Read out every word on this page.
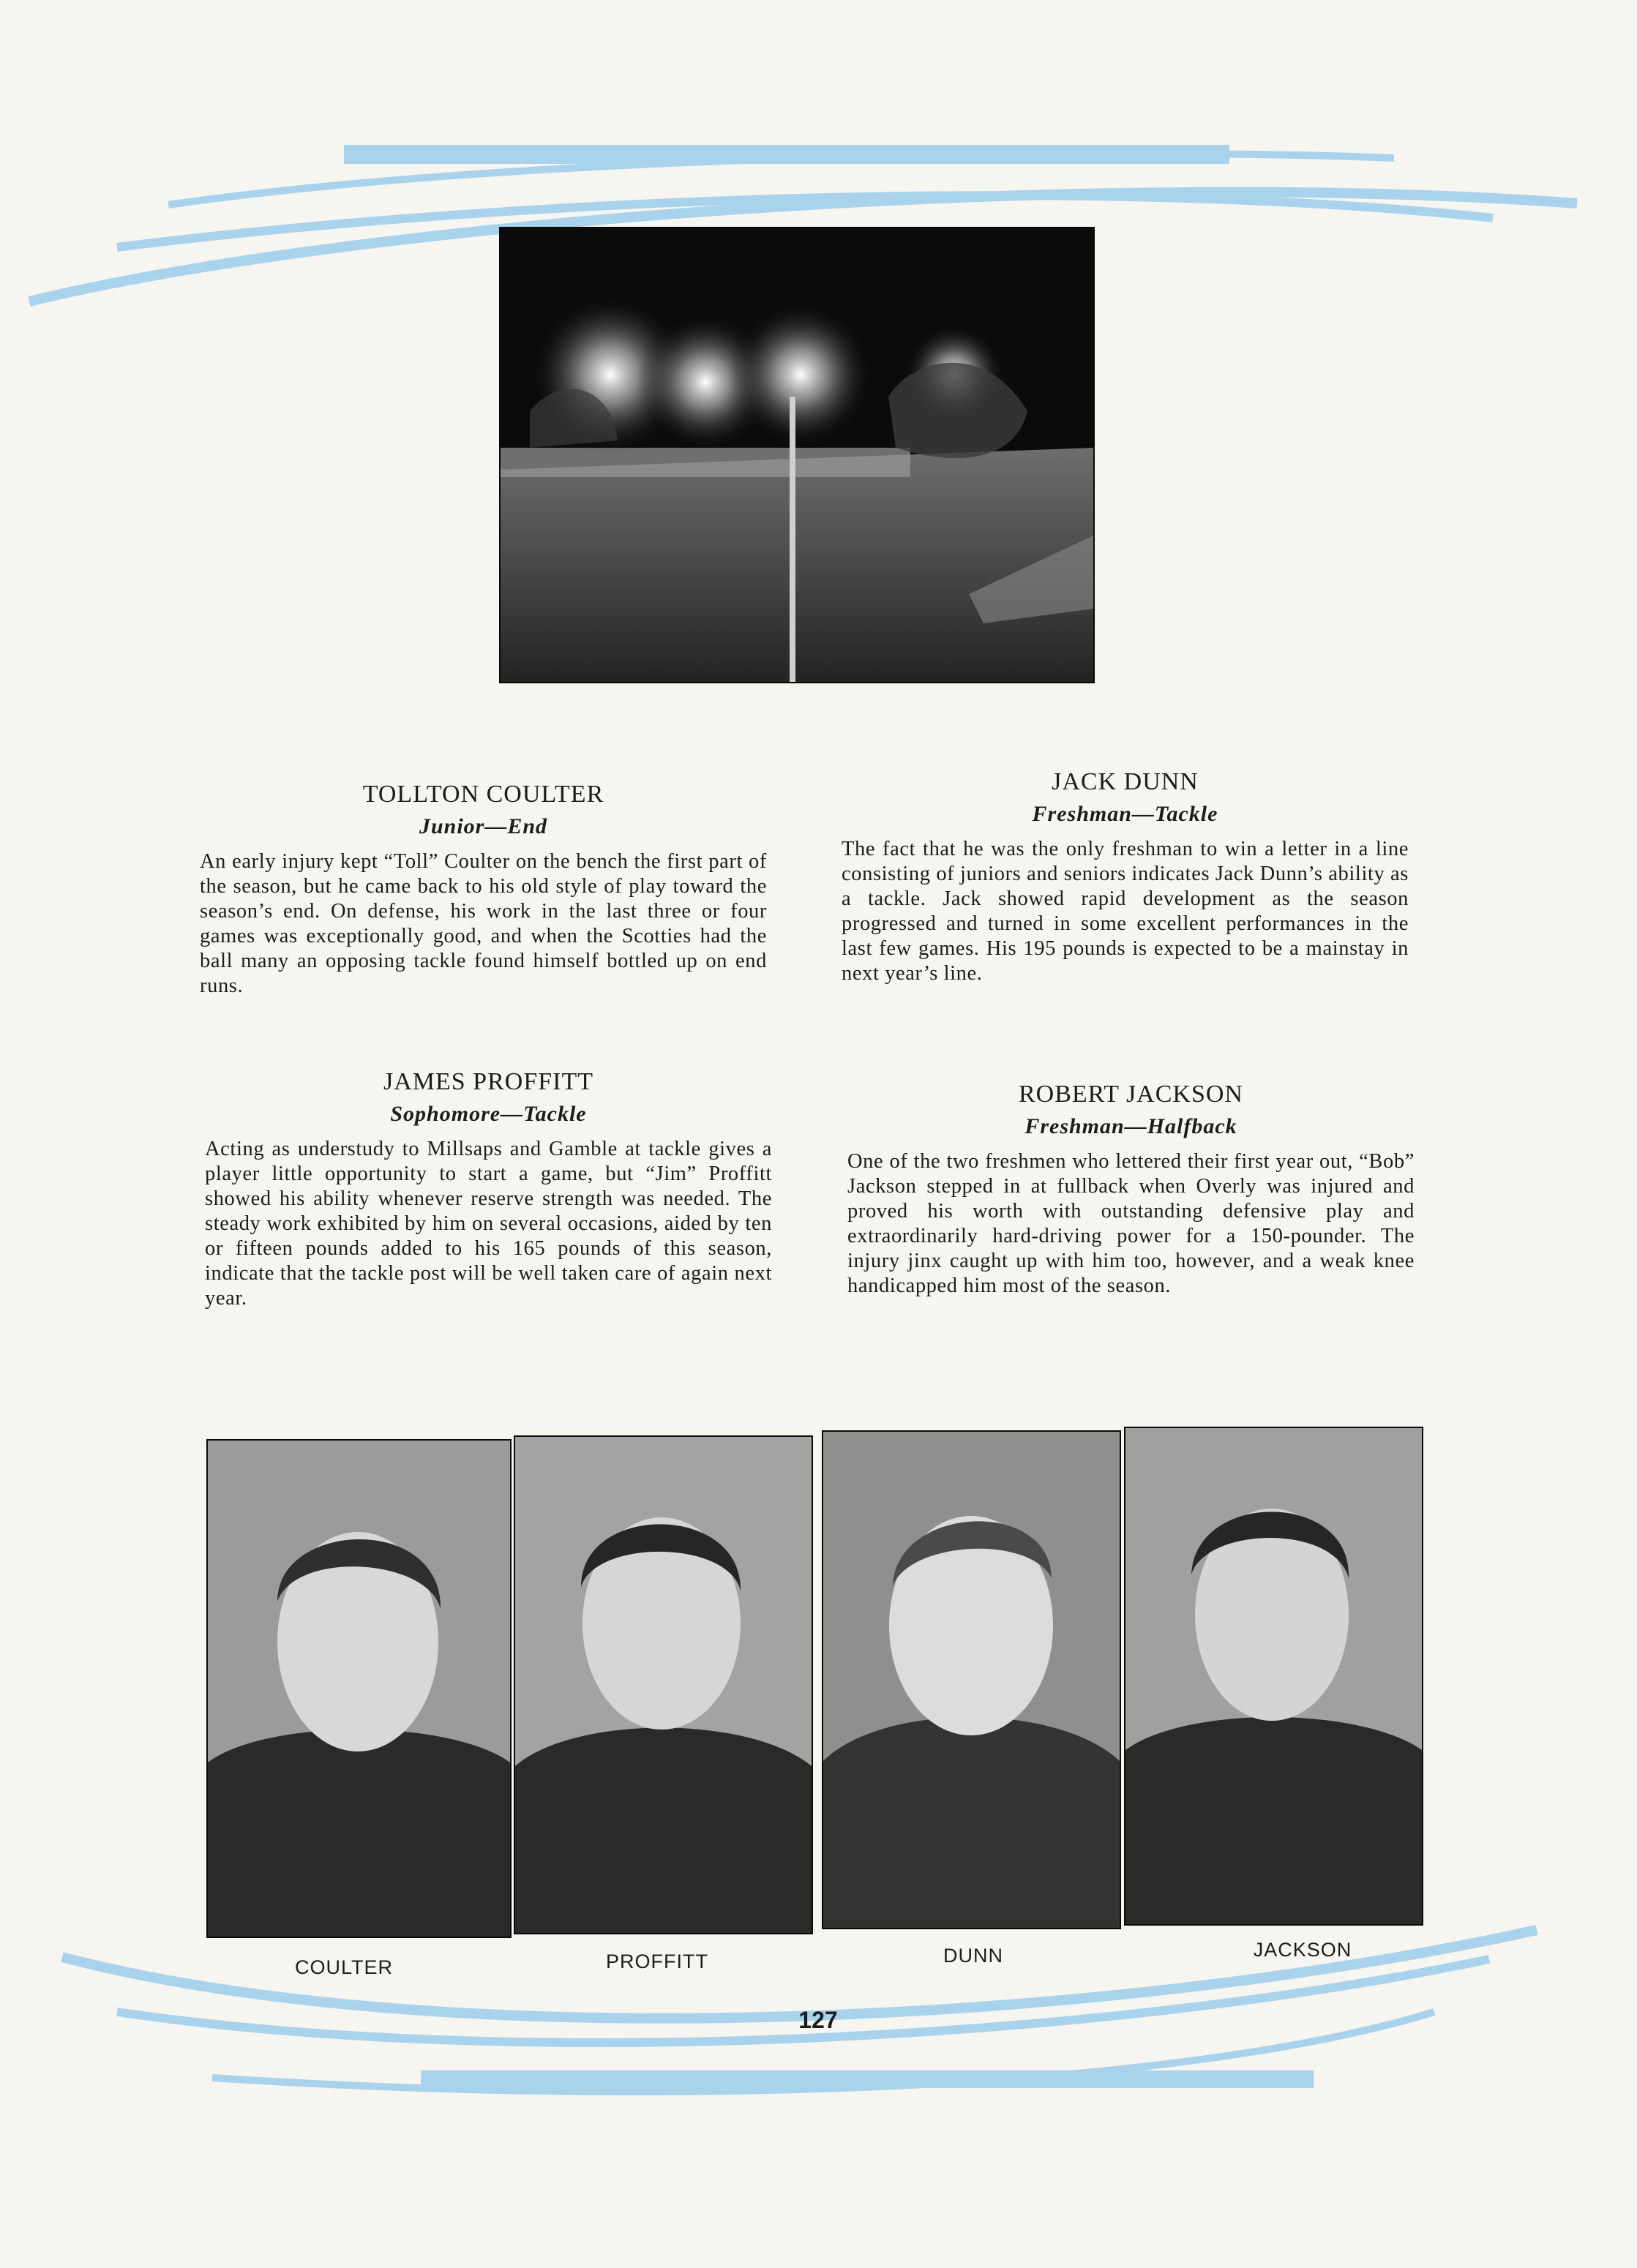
TOLLTON COULTER

Junior—End

An early injury kept “Toll” Coulter on the bench the first part of the season, but he came back to his old style of play toward the season’s end. On defense, his work in the last three or four games was exceptionally good, and when the Scotties had the ball many an opposing tackle found himself bottled up on end runs.

JACK DUNN

Freshman—Tackle

The fact that he was the only freshman to win a letter in a line consisting of juniors and seniors indicates Jack Dunn’s ability as a tackle. Jack showed rapid development as the season progressed and turned in some excellent performances in the last few games. His 195 pounds is expected to be a mainstay in next year’s line.

JAMES PROFFITT

Sophomore—Tackle

Acting as understudy to Millsaps and Gamble at tackle gives a player little opportunity to start a game, but “Jim” Proffitt showed his ability whenever reserve strength was needed. The steady work exhibited by him on several occasions, aided by ten or fifteen pounds added to his 165 pounds of this season, indicate that the tackle post will be well taken care of again next year.

ROBERT JACKSON

Freshman—Halfback

One of the two freshmen who lettered their first year out, “Bob” Jackson stepped in at fullback when Overly was injured and proved his worth with outstanding defensive play and extraordinarily hard-driving power for a 150-pounder. The injury jinx caught up with him too, however, and a weak knee handicapped him most of the season.

COULTER	PROFFITT	DUNN	JACKSON
127
